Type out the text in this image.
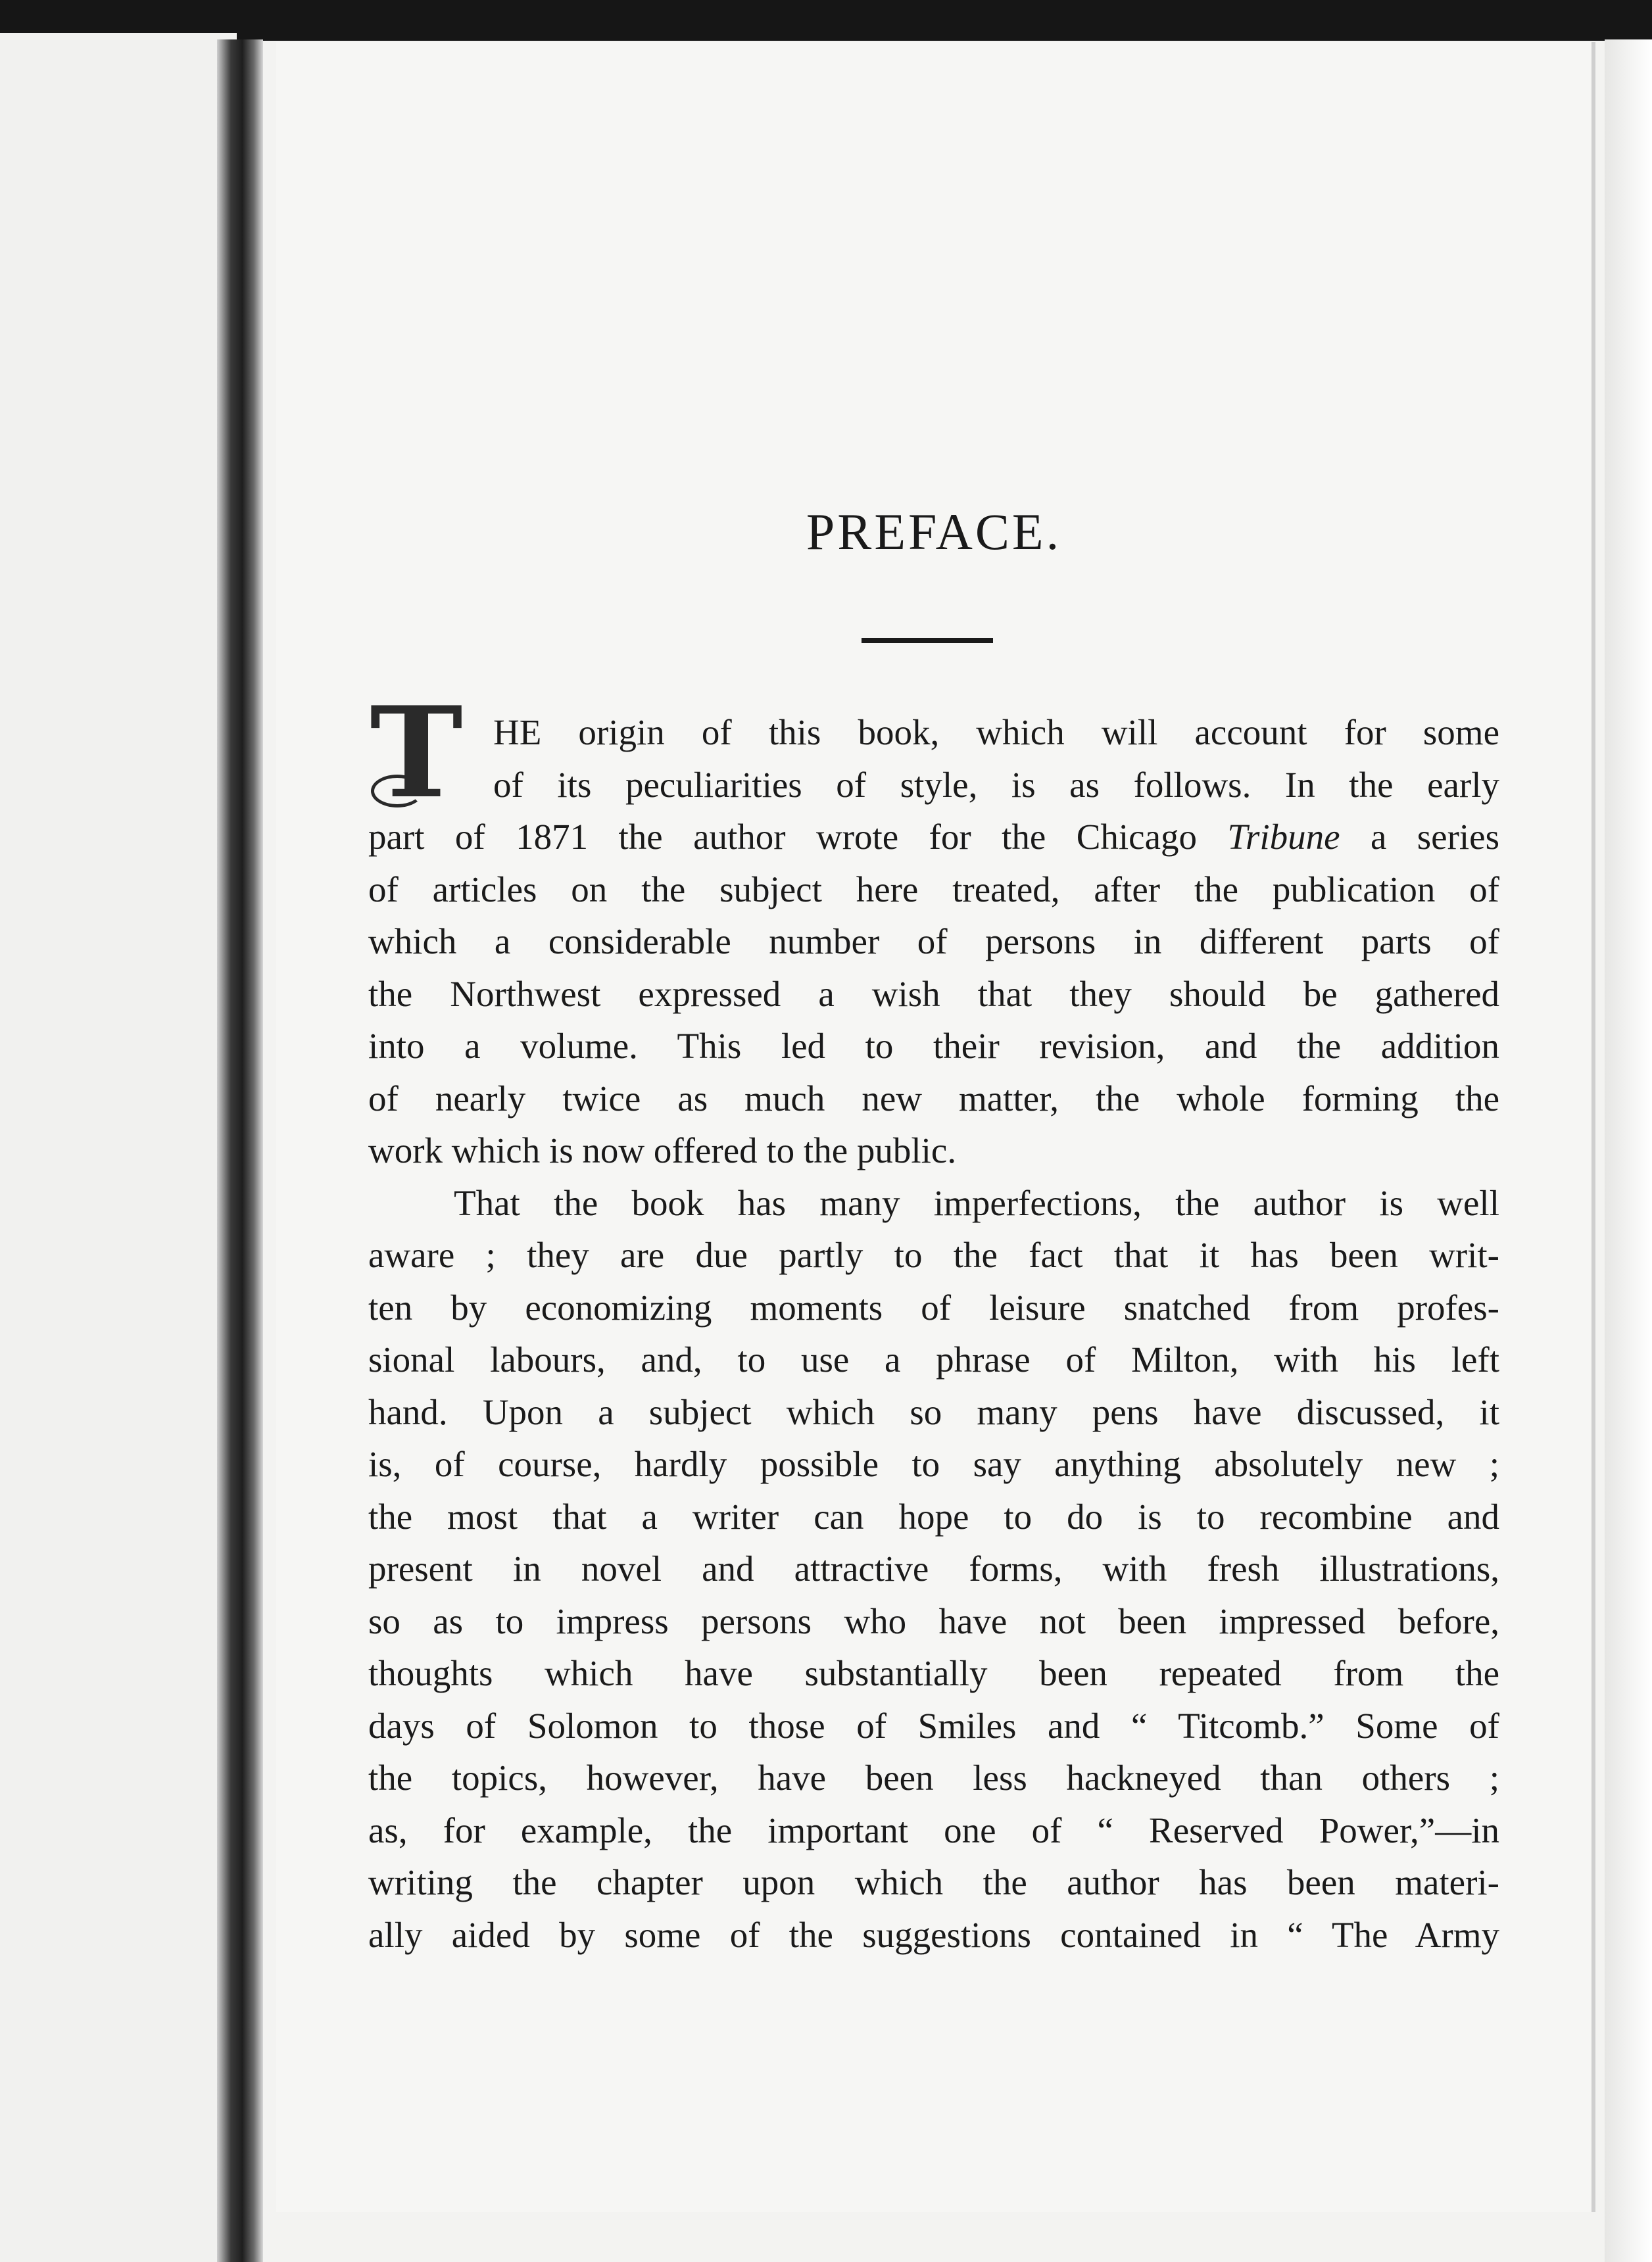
PREFACE.
T HE origin of this book, which will account for some
of its peculiarities of style, is as follows. In the early
part of 1871 the author wrote for the Chicago Tribune a series
of articles on the subject here treated, after the publication of
which a considerable number of persons in different parts of
the Northwest expressed a wish that they should be gathered
into a volume. This led to their revision, and the addition
of nearly twice as much new matter, the whole forming the
work which is now offered to the public.
That the book has many imperfections, the author is well
aware ; they are due partly to the fact that it has been writ-
ten by economizing moments of leisure snatched from profes-
sional labours, and, to use a phrase of Milton, with his left
hand. Upon a subject which so many pens have discussed, it
is, of course, hardly possible to say anything absolutely new ;
the most that a writer can hope to do is to recombine and
present in novel and attractive forms, with fresh illustrations,
so as to impress persons who have not been impressed before,
thoughts which have substantially been repeated from the
days of Solomon to those of Smiles and “ Titcomb.” Some of
the topics, however, have been less hackneyed than others ;
as, for example, the important one of “ Reserved Power,”—in
writing the chapter upon which the author has been materi-
ally aided by some of the suggestions contained in “ The Army
